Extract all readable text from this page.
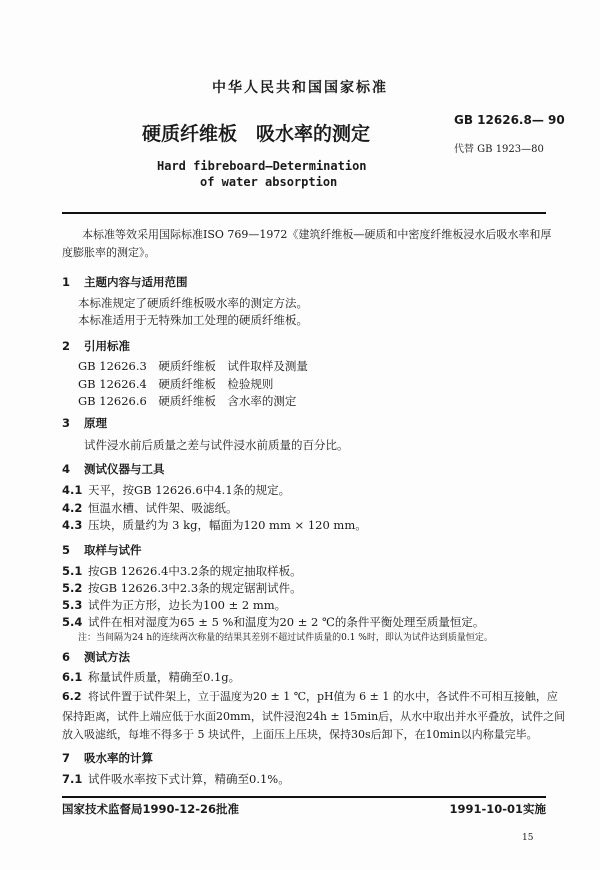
中华人民共和国国家标准
GB 12626.8— 90
硬质纤维板　吸水率的测定
代替 GB 1923—80
Hard fibreboard—Determination
of water absorption
本标准等效采用国际标准ISO 769—1972《建筑纤维板—硬质和中密度纤维板浸水后吸水率和厚
度膨胀率的测定》。
1 主题内容与适用范围
本标准规定了硬质纤维板吸水率的测定方法。
本标准适用于无特殊加工处理的硬质纤维板。
2 引用标准
GB 12626.3　硬质纤维板　试件取样及测量
GB 12626.4　硬质纤维板　检验规则
GB 12626.6　硬质纤维板　含水率的测定
3 原理
试件浸水前后质量之差与试件浸水前质量的百分比。
4 测试仪器与工具
4.1 天平，按GB 12626.6中4.1条的规定。
4.2 恒温水槽、试件架、吸滤纸。
4.3 压块，质量约为 3 kg，幅面为120 mm × 120 mm。
5 取样与试件
5.1 按GB 12626.4中3.2条的规定抽取样板。
5.2 按GB 12626.3中2.3条的规定锯割试件。
5.3 试件为正方形，边长为100 ± 2 mm。
5.4 试件在相对湿度为65 ± 5 %和温度为20 ± 2 ℃的条件平衡处理至质量恒定。
注：当间隔为24 h的连续两次称量的结果其差别不超过试件质量的0.1 %时，即认为试件达到质量恒定。
6 测试方法
6.1 称量试件质量，精确至0.1g。
6.2 将试件置于试件架上，立于温度为20 ± 1 ℃，pH值为 6 ± 1 的水中，各试件不可相互接触，应
保持距离，试件上端应低于水面20mm，试件浸泡24h ± 15min后，从水中取出并水平叠放，试件之间
放入吸滤纸，每堆不得多于 5 块试件，上面压上压块，保持30s后卸下，在10min以内称量完毕。
7 吸水率的计算
7.1 试件吸水率按下式计算，精确至0.1%。
国家技术监督局1990-12-26批准	1991-10-01实施
15
